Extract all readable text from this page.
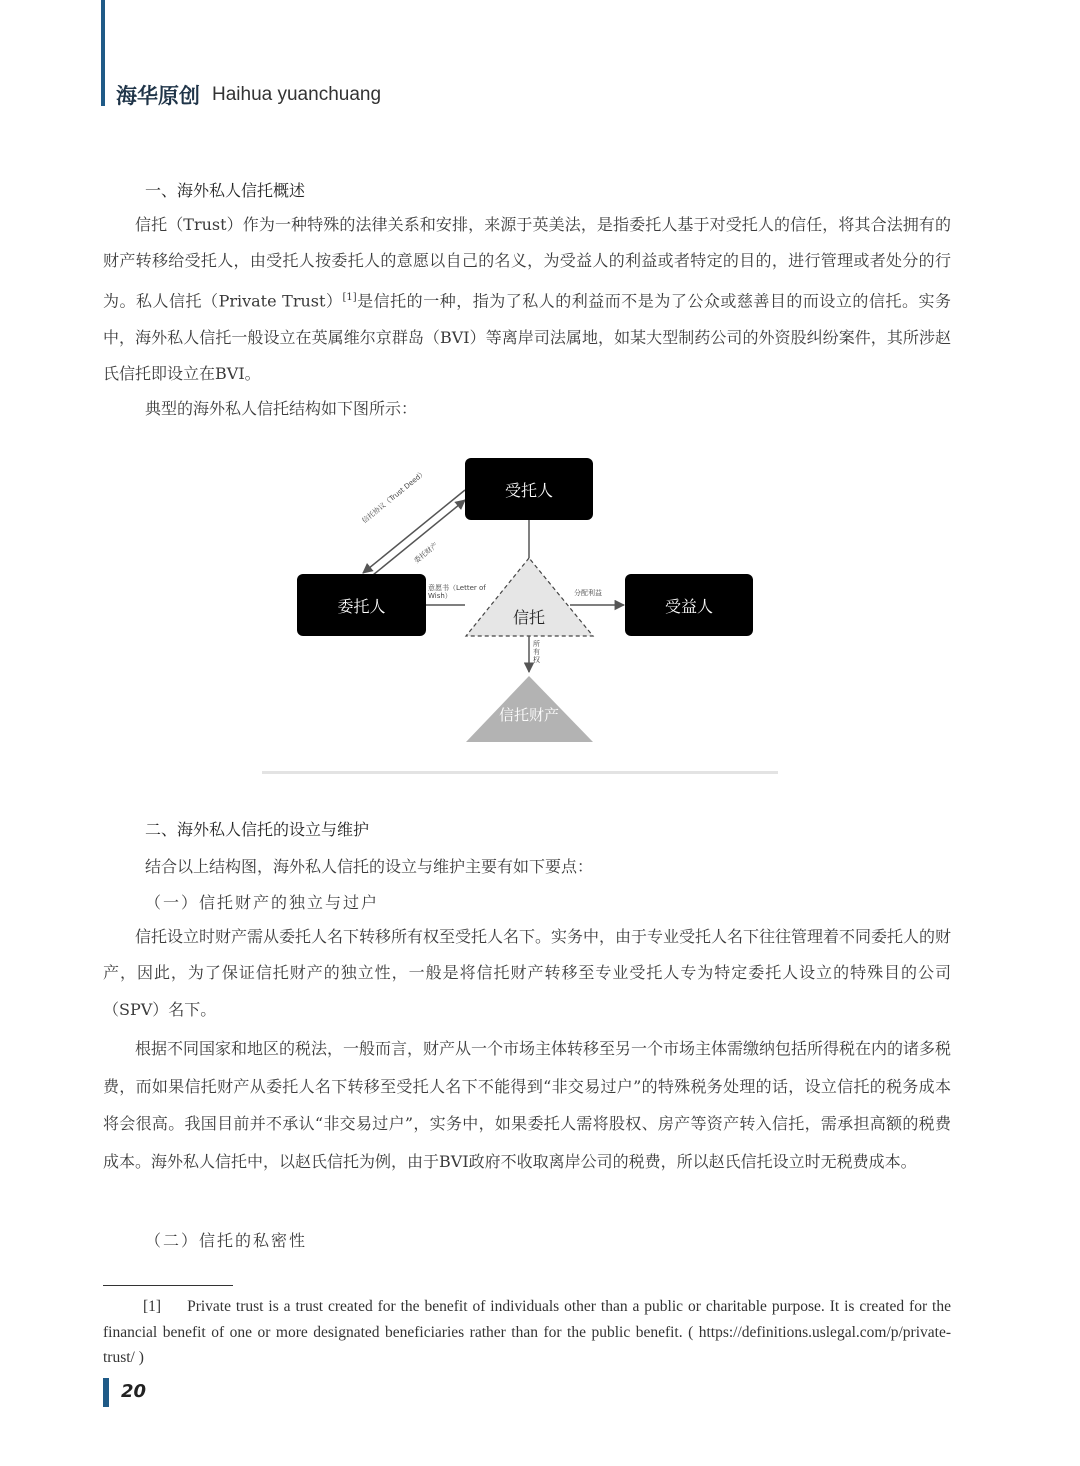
海华原创 Haihua yuanchuang
一、海外私人信托概述

信托（Trust）作为一种特殊的法律关系和安排，来源于英美法，是指委托人基于对受托人的信任，将其合法拥有的财产转移给受托人，由受托人按委托人的意愿以自己的名义，为受益人的利益或者特定的目的，进行管理或者处分的行为。私人信托（Private Trust）[1]是信托的一种，指为了私人的利益而不是为了公众或慈善目的而设立的信托。实务中，海外私人信托一般设立在英属维尔京群岛（BVI）等离岸司法属地，如某大型制药公司的外资股纠纷案件，其所涉赵氏信托即设立在BVI。

典型的海外私人信托结构如下图所示：
受托人
委托人	受益人
信托
信托财产
信托协议（Trust Deed）
委托财产
意愿书（Letter of Wish）	分配利益
所有权
二、海外私人信托的设立与维护
结合以上结构图，海外私人信托的设立与维护主要有如下要点：
（一）信托财产的独立与过户

信托设立时财产需从委托人名下转移所有权至受托人名下。实务中，由于专业受托人名下往往管理着不同委托人的财产，因此，为了保证信托财产的独立性，一般是将信托财产转移至专业受托人专为特定委托人设立的特殊目的公司（SPV）名下。

根据不同国家和地区的税法，一般而言，财产从一个市场主体转移至另一个市场主体需缴纳包括所得税在内的诸多税费，而如果信托财产从委托人名下转移至受托人名下不能得到“非交易过户”的特殊税务处理的话，设立信托的税务成本将会很高。我国目前并不承认“非交易过户”，实务中，如果委托人需将股权、房产等资产转入信托，需承担高额的税费成本。海外私人信托中，以赵氏信托为例，由于BVI政府不收取离岸公司的税费，所以赵氏信托设立时无税费成本。

（二）信托的私密性

[1] Private trust is a trust created for the benefit of individuals other than a public or charitable purpose. It is created for the financial benefit of one or more designated beneficiaries rather than for the public benefit. ( https://definitions.uslegal.com/p/private-trust/ )

20
